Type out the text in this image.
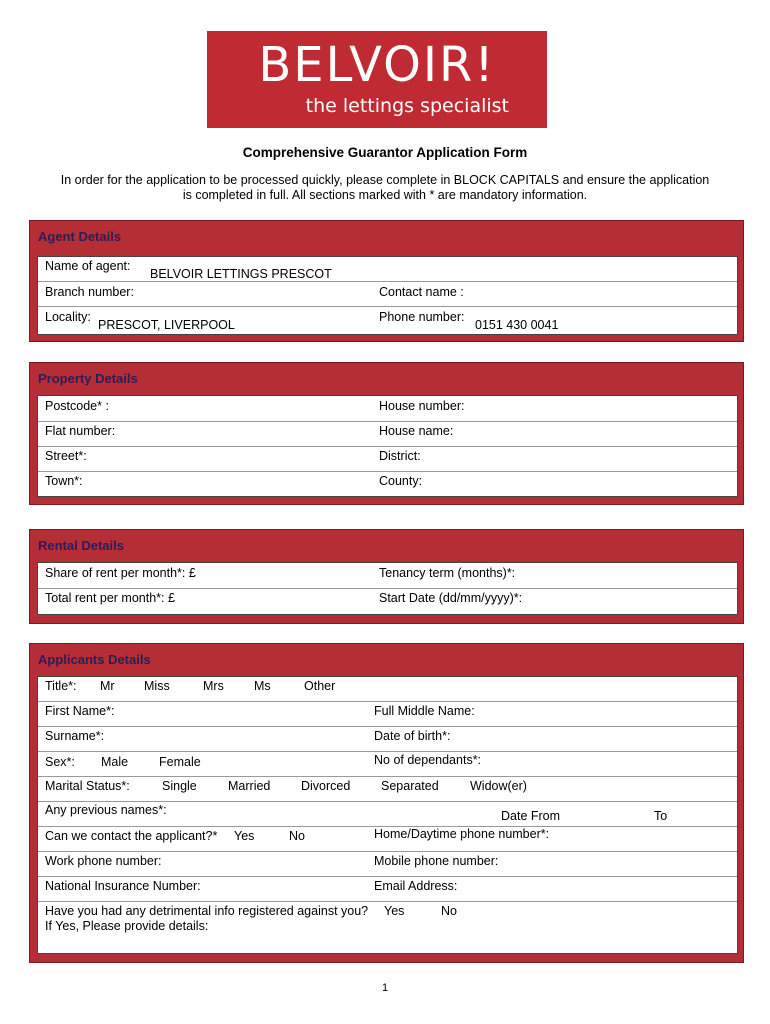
BELVOIR!
the lettings specialist
Comprehensive Guarantor Application Form
In order for the application to be processed quickly, please complete in BLOCK CAPITALS and ensure the application is completed in full. All sections marked with * are mandatory information.
Agent Details
Name of agent:
BELVOIR LETTINGS PRESCOT
Branch number:	Contact name :
Locality:
PRESCOT, LIVERPOOL
Phone number:
0151 430 0041
Property Details
Postcode* :	House number:
Flat number:	House name:
Street*:	District:
Town*:	County:
Rental Details
Share of rent per month*: £	Tenancy term (months)*:
Total rent per month*: £	Start Date (dd/mm/yyyy)*:
Applicants Details
Title*: Mr Miss	Mrs Ms	Other
First Name*:	Full Middle Name:
Surname*:	Date of birth*:
Sex*: Male Female	No of dependants*:
Marital Status*:	Single	Married Divorced Separated	Widow(er)
Any previous names*:	Date From	To
Can we contact the applicant?* Yes	No	Home/Daytime phone number*:
Work phone number:	Mobile phone number:
National Insurance Number:	Email Address:
Have you had any detrimental info registered against you? Yes	No
If Yes, Please provide details:
1
